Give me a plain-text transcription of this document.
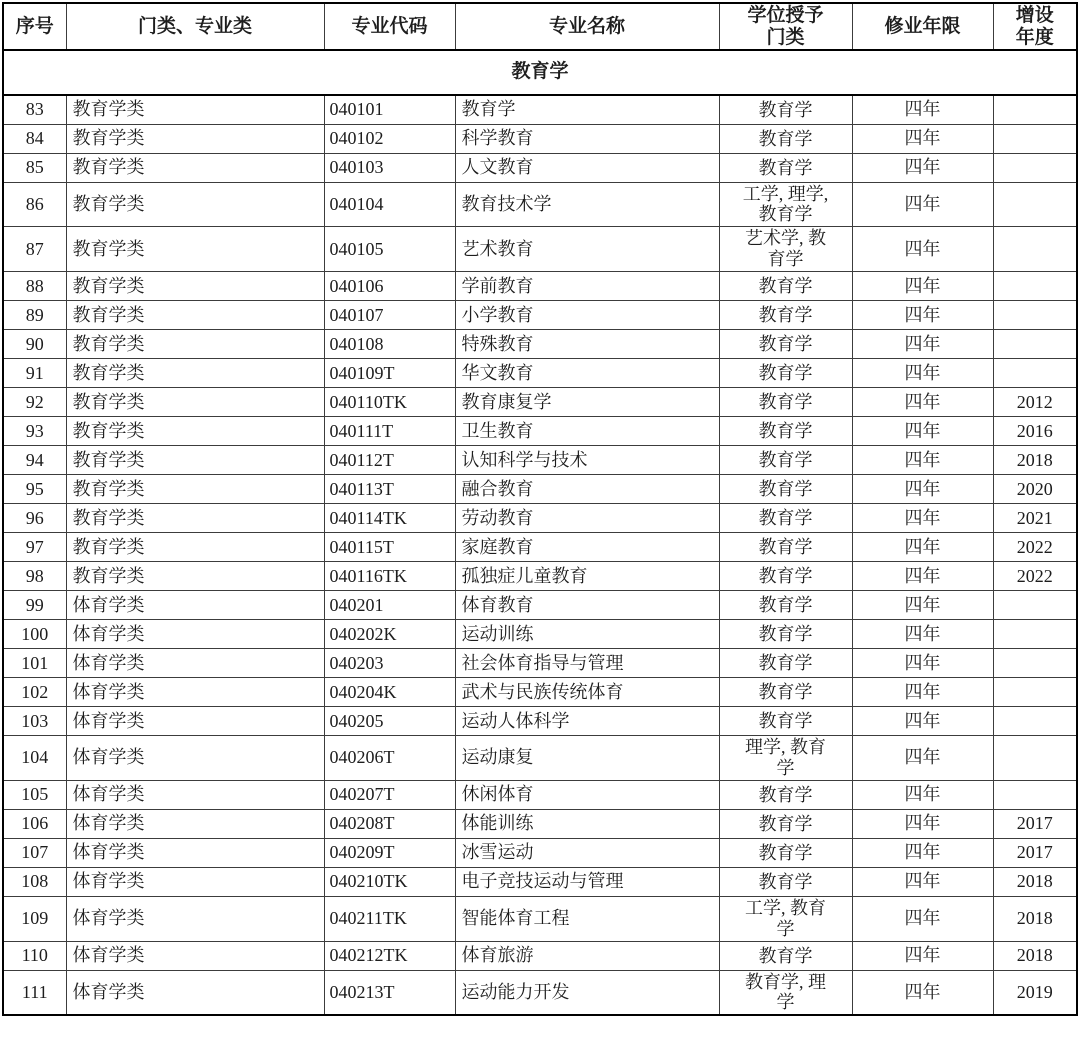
序号	门类、专业类	专业代码	专业名称	学位授予门类	修业年限	增设年度
教育学						
83	教育学类	040101	教育学	教育学	四年	
84	教育学类	040102	科学教育	教育学	四年	
85	教育学类	040103	人文教育	教育学	四年	
86	教育学类	040104	教育技术学	工学, 理学, 教育学	四年	
87	教育学类	040105	艺术教育	艺术学, 教育学	四年	
88	教育学类	040106	学前教育	教育学	四年	
89	教育学类	040107	小学教育	教育学	四年	
90	教育学类	040108	特殊教育	教育学	四年	
91	教育学类	040109T	华文教育	教育学	四年	
92	教育学类	040110TK	教育康复学	教育学	四年	2012
93	教育学类	040111T	卫生教育	教育学	四年	2016
94	教育学类	040112T	认知科学与技术	教育学	四年	2018
95	教育学类	040113T	融合教育	教育学	四年	2020
96	教育学类	040114TK	劳动教育	教育学	四年	2021
97	教育学类	040115T	家庭教育	教育学	四年	2022
98	教育学类	040116TK	孤独症儿童教育	教育学	四年	2022
99	体育学类	040201	体育教育	教育学	四年	
100	体育学类	040202K	运动训练	教育学	四年	
101	体育学类	040203	社会体育指导与管理	教育学	四年	
102	体育学类	040204K	武术与民族传统体育	教育学	四年	
103	体育学类	040205	运动人体科学	教育学	四年	
104	体育学类	040206T	运动康复	理学, 教育学	四年	
105	体育学类	040207T	休闲体育	教育学	四年	
106	体育学类	040208T	体能训练	教育学	四年	2017
107	体育学类	040209T	冰雪运动	教育学	四年	2017
108	体育学类	040210TK	电子竞技运动与管理	教育学	四年	2018
109	体育学类	040211TK	智能体育工程	工学, 教育学	四年	2018
110	体育学类	040212TK	体育旅游	教育学	四年	2018
111	体育学类	040213T	运动能力开发	教育学, 理学	四年	2019
